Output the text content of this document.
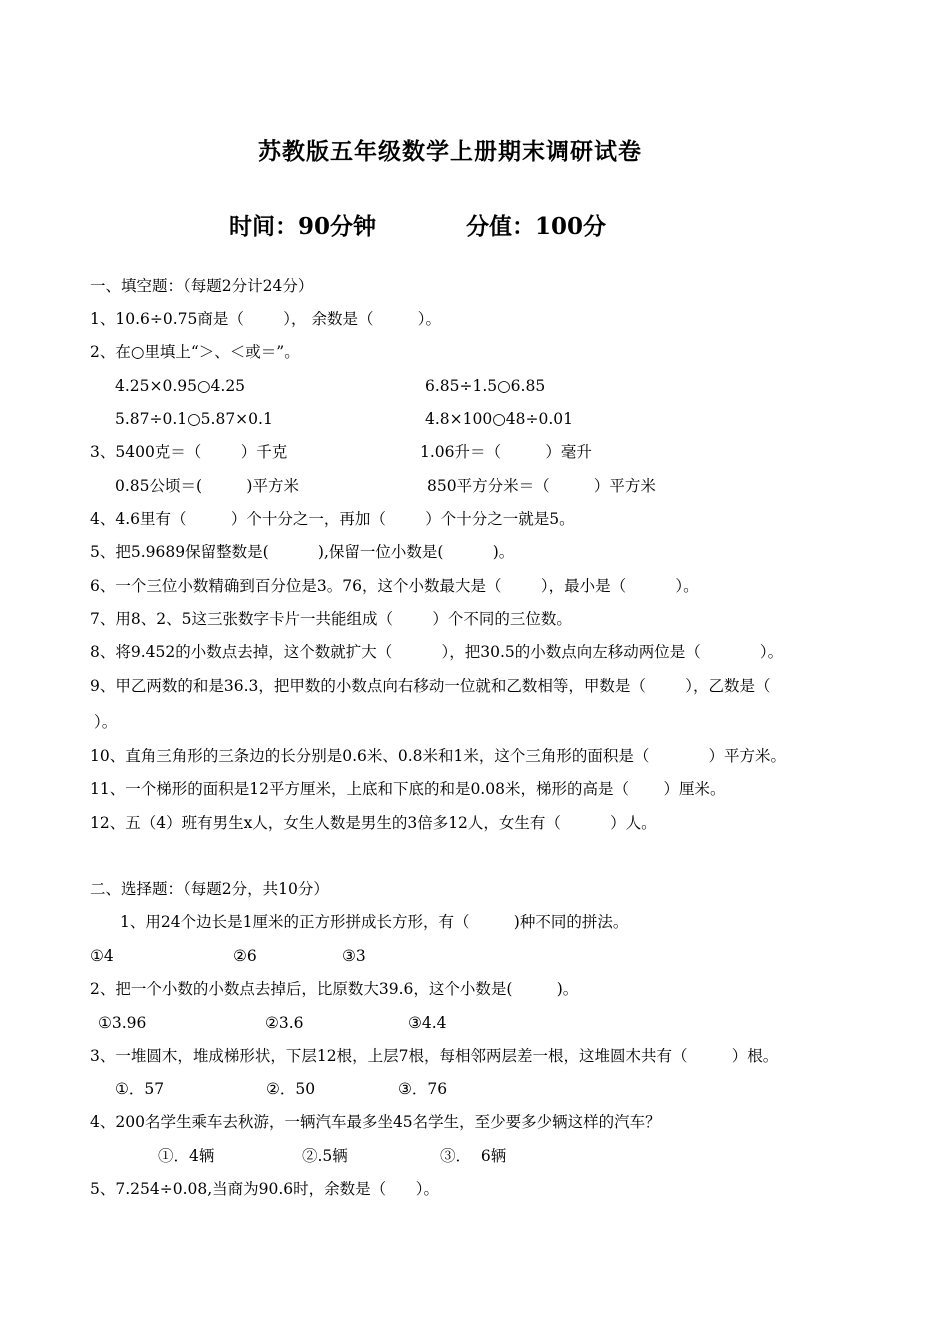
苏教版五年级数学上册期末调研试卷
时间：90分钟	分值：100分
一、填空题：（每题2分计24分）
1、10.6÷0.75商是（        ）， 余数是（         ）。
2、在○里填上“＞、＜或＝”。
4.25×0.95○4.25	6.85÷1.5○6.85
5.87÷0.1○5.87×0.1	4.8×100○48÷0.01
3、5400克＝（        ）千克	1.06升＝（         ）毫升
0.85公顷＝(         )平方米	850平方分米＝（         ）平方米
4、4.6里有（         ）个十分之一，再加（        ）个十分之一就是5。
5、把5.9689保留整数是(          ),保留一位小数是(          )。
6、一个三位小数精确到百分位是3。76，这个小数最大是（        ），最小是（          ）。
7、用8、2、5这三张数字卡片一共能组成（        ）个不同的三位数。
8、将9.452的小数点去掉，这个数就扩大（          ），把30.5的小数点向左移动两位是（            ）。
9、甲乙两数的和是36.3，把甲数的小数点向右移动一位就和乙数相等，甲数是（        ），乙数是（
）。
10、直角三角形的三条边的长分别是0.6米、0.8米和1米，这个三角形的面积是（            ）平方米。
11、一个梯形的面积是12平方厘米，上底和下底的和是0.08米，梯形的高是（       ）厘米。
12、五（4）班有男生x人，女生人数是男生的3倍多12人，女生有（          ）人。
二、选择题：（每题2分，共10分）
1、用24个边长是1厘米的正方形拼成长方形，有（         )种不同的拼法。
①4	②6	③3
2、把一个小数的小数点去掉后，比原数大39.6，这个小数是(         )。
①3.96	②3.6	③4.4
3、一堆圆木，堆成梯形状，下层12根，上层7根，每相邻两层差一根，这堆圆木共有（         ）根。
①．57	②．50	③．76
4、200名学生乘车去秋游，一辆汽车最多坐45名学生，至少要多少辆这样的汽车？
①．4辆	②.5辆	③．  6辆
5、7.254÷0.08,当商为90.6时，余数是（      ）。
